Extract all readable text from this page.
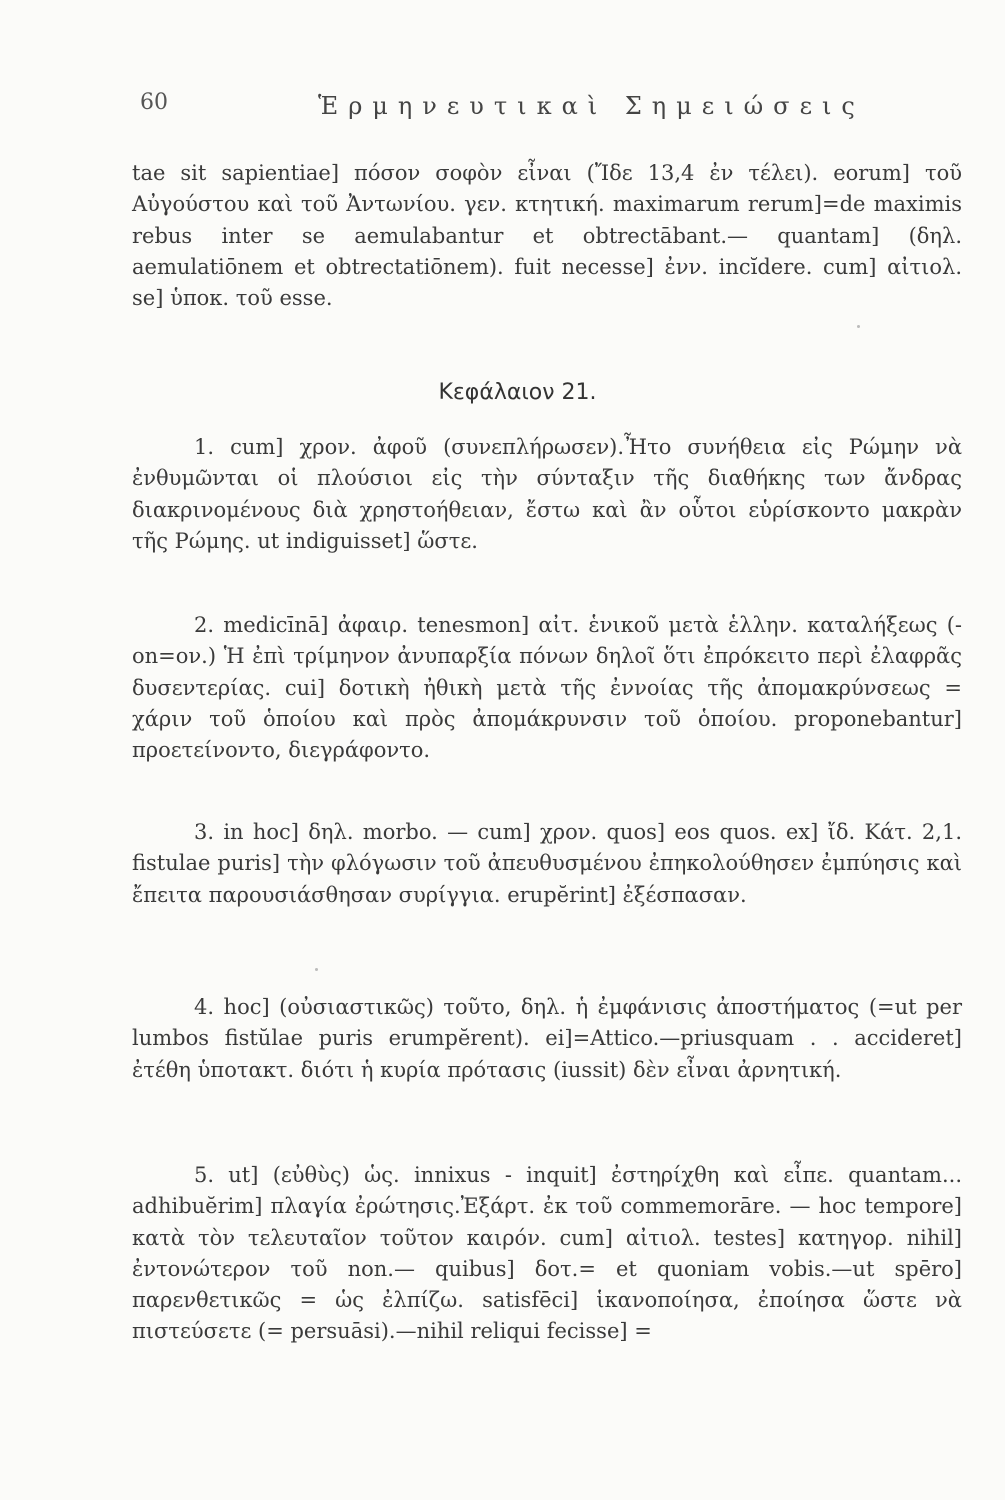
60	Ἑρμηνευτικαὶ Σημειώσεις
tae sit sapientiae] πόσον σοφὸν εἶναι (Ἴδε 13,4 ἐν τέλει). eorum] τοῦ Αὐγούστου καὶ τοῦ Ἀντωνίου. γεν. κτητική. maximarum rerum]=de maximis rebus inter se aemulabantur et obtrectābant.— quantam] (δηλ. aemulatiōnem et obtrectatiōnem). fuit necesse] ἐνν. incĭdere. cum] αἰτιολ. se] ὑποκ. τοῦ esse.
Κεφάλαιον 21.
1. cum] χρον. ἀφοῦ (συνεπλήρωσεν).Ἦτο συνήθεια εἰς Ρώμην νὰ ἐνθυμῶνται οἱ πλούσιοι εἰς τὴν σύνταξιν τῆς διαθήκης των ἄνδρας διακρινομένους διὰ χρηστοήθειαν, ἔστω καὶ ἂν οὗτοι εὑρίσκοντο μακρὰν τῆς Ρώμης. ut indiguisset] ὥστε.
2. medicīnā] ἀφαιρ. tenesmon] αἰτ. ἑνικοῦ μετὰ ἑλλην. καταλήξεως (-on=ον.) Ἡ ἐπὶ τρίμηνον ἀνυπαρξία πόνων δηλοῖ ὅτι ἐπρόκειτο περὶ ἐλαφρᾶς δυσεντερίας. cui] δοτικὴ ἠθικὴ μετὰ τῆς ἐννοίας τῆς ἀπομακρύνσεως = χάριν τοῦ ὁποίου καὶ πρὸς ἀπομάκρυνσιν τοῦ ὁποίου. proponebantur] προετείνοντο, διεγράφοντο.
3. in hoc] δηλ. morbo. — cum] χρον. quos] eos quos. ex] ἴδ. Κάτ. 2,1. fistulae puris] τὴν φλόγωσιν τοῦ ἀπευθυσμένου ἐπηκολούθησεν ἐμπύησις καὶ ἔπειτα παρουσιάσθησαν συρίγγια. erupĕrint] ἐξέσπασαν.
4. hoc] (οὐσιαστικῶς) τοῦτο, δηλ. ἡ ἐμφάνισις ἀποστήματος (=ut per lumbos fistŭlae puris erumpĕrent). ei]=Attico.—priusquam . . accideret] ἐτέθη ὑποτακτ. διότι ἡ κυρία πρότασις (iussit) δὲν εἶναι ἀρνητική.
5. ut] (εὐθὺς) ὡς. innixus - inquit] ἐστηρίχθη καὶ εἶπε. quantam... adhibuĕrim] πλαγία ἐρώτησις.Ἐξάρτ. ἐκ τοῦ commemorāre. — hoc tempore] κατὰ τὸν τελευταῖον τοῦτον καιρόν. cum] αἰτιολ. testes] κατηγορ. nihil] ἐντονώτερον τοῦ non.— quibus] δοτ.= et quoniam vobis.—ut spēro] παρενθετικῶς = ὡς ἐλπίζω. satisfēci] ἱκανοποίησα, ἐποίησα ὥστε νὰ πιστεύσετε (= persuāsi).—nihil reliqui fecisse] =
